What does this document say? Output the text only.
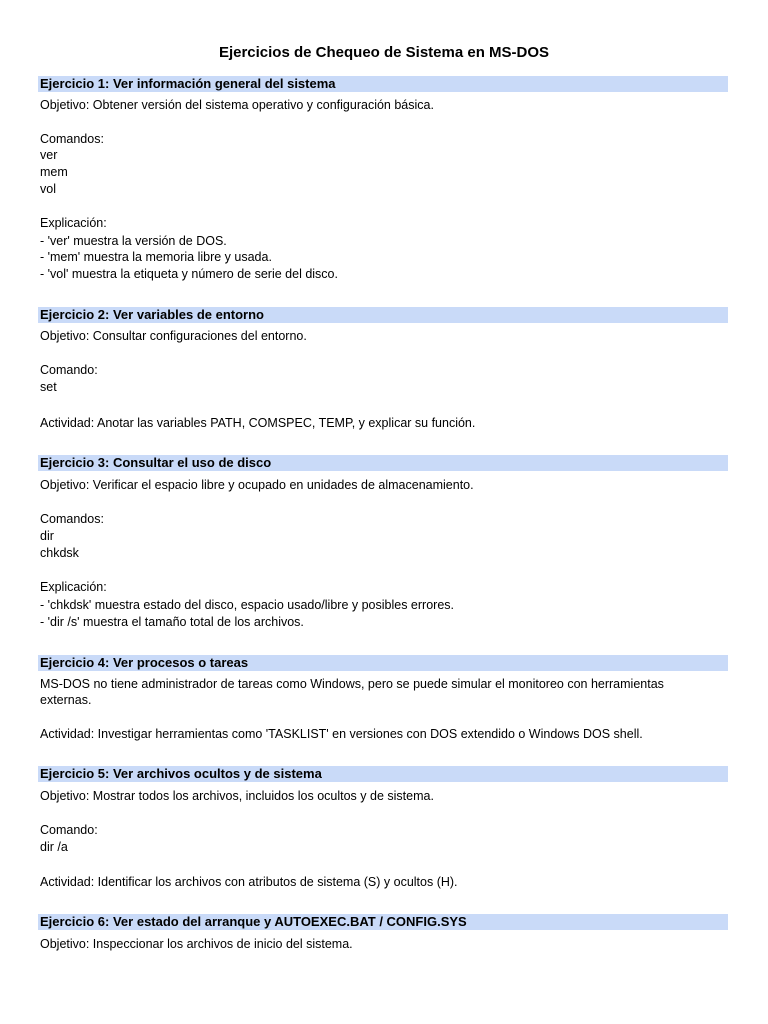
Ejercicios de Chequeo de Sistema en MS-DOS
Ejercicio 1: Ver información general del sistema
Objetivo: Obtener versión del sistema operativo y configuración básica.
Comandos:
ver
mem
vol
Explicación:
- 'ver' muestra la versión de DOS.
- 'mem' muestra la memoria libre y usada.
- 'vol' muestra la etiqueta y número de serie del disco.
Ejercicio 2: Ver variables de entorno
Objetivo: Consultar configuraciones del entorno.
Comando:
set
Actividad: Anotar las variables PATH, COMSPEC, TEMP, y explicar su función.
Ejercicio 3: Consultar el uso de disco
Objetivo: Verificar el espacio libre y ocupado en unidades de almacenamiento.
Comandos:
dir
chkdsk
Explicación:
- 'chkdsk' muestra estado del disco, espacio usado/libre y posibles errores.
- 'dir /s' muestra el tamaño total de los archivos.
Ejercicio 4: Ver procesos o tareas
MS-DOS no tiene administrador de tareas como Windows, pero se puede simular el monitoreo con herramientas
externas.
Actividad: Investigar herramientas como 'TASKLIST' en versiones con DOS extendido o Windows DOS shell.
Ejercicio 5: Ver archivos ocultos y de sistema
Objetivo: Mostrar todos los archivos, incluidos los ocultos y de sistema.
Comando:
dir /a
Actividad: Identificar los archivos con atributos de sistema (S) y ocultos (H).
Ejercicio 6: Ver estado del arranque y AUTOEXEC.BAT / CONFIG.SYS
Objetivo: Inspeccionar los archivos de inicio del sistema.
